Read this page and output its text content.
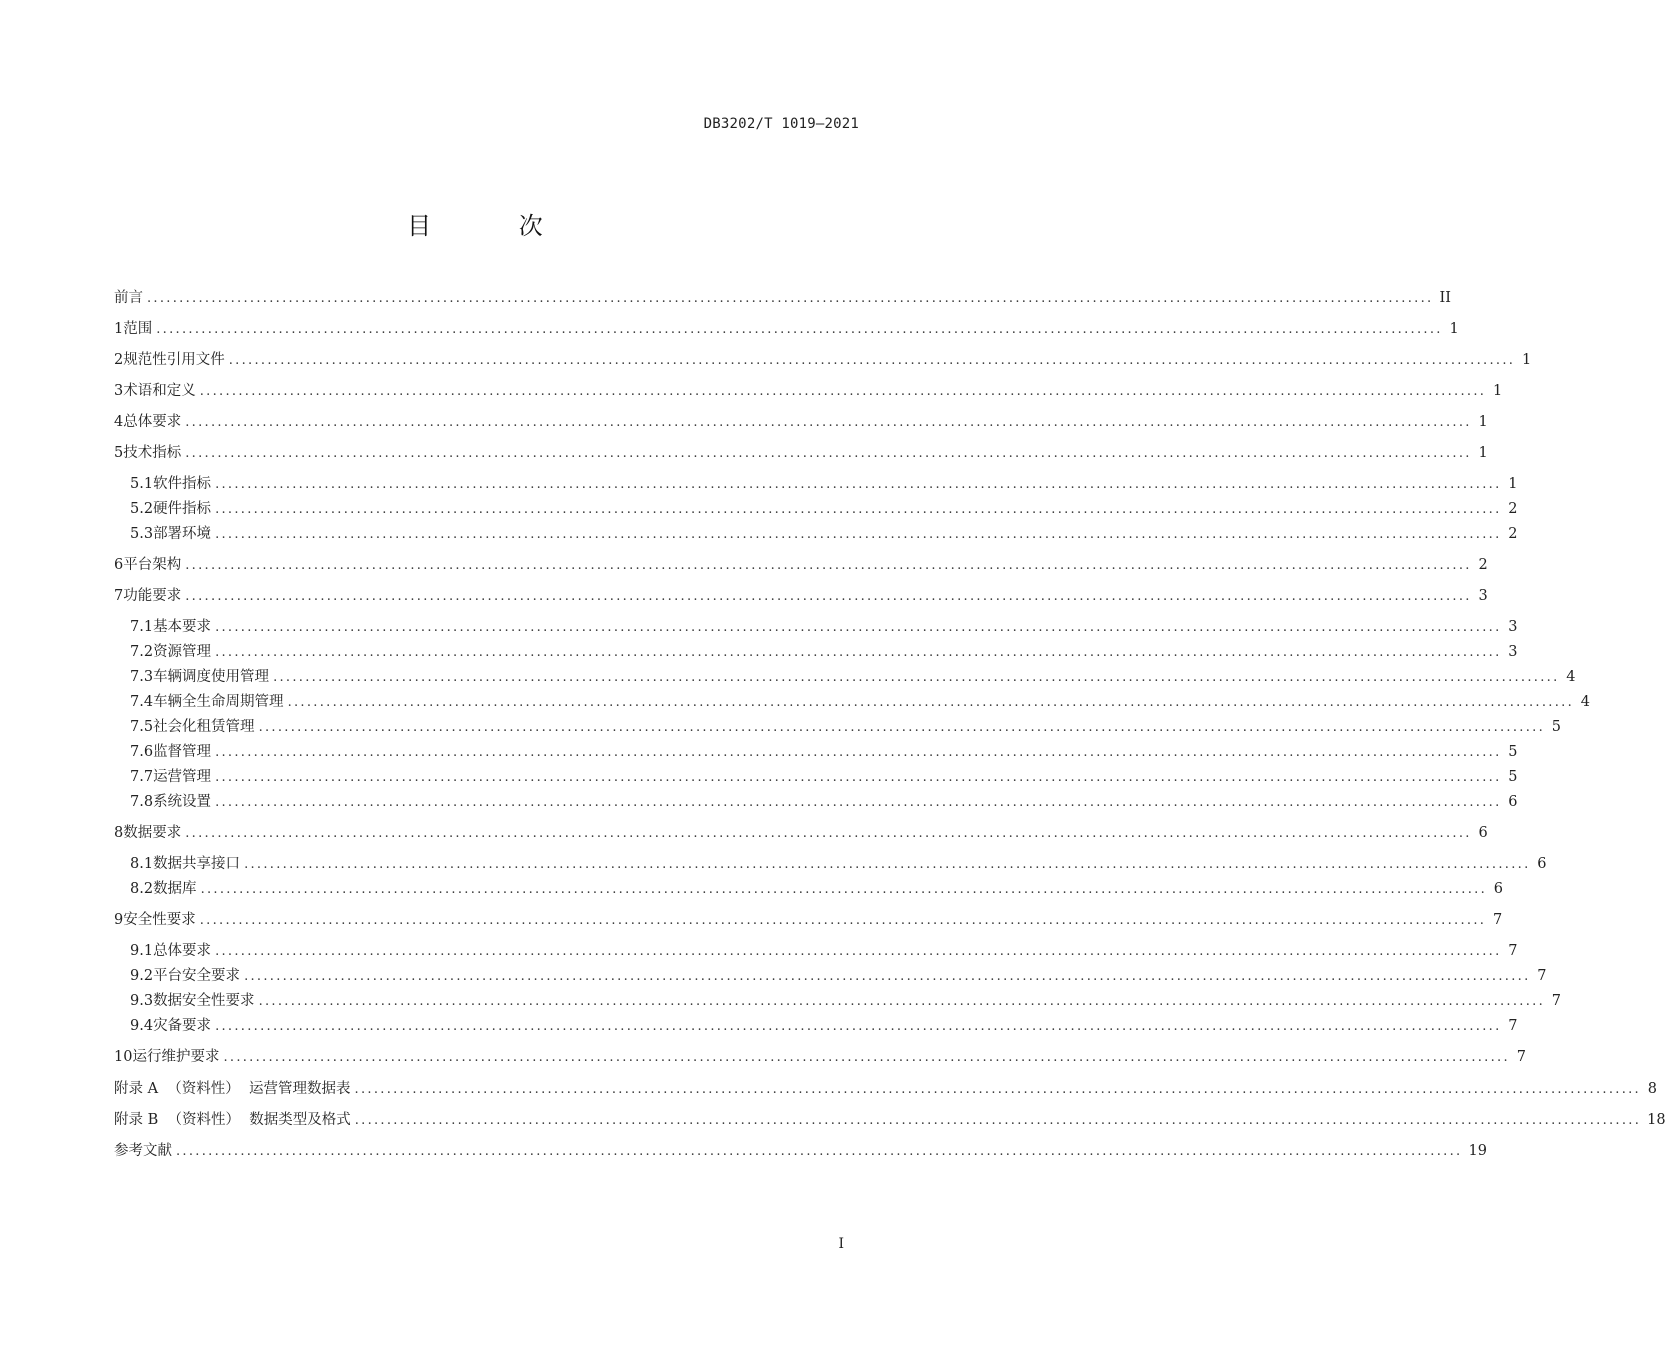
DB3202/T 1019—2021
目 次
前言 ........................................................................................................................................................................................................ II
1 范围 ........................................................................................................................................................................................................ 1
2 规范性引用文件 ........................................................................................................................................................................................................ 1
3 术语和定义 ........................................................................................................................................................................................................ 1
4 总体要求 ........................................................................................................................................................................................................ 1
5 技术指标 ........................................................................................................................................................................................................ 1
5.1 软件指标 ........................................................................................................................................................................................................ 1
5.2 硬件指标 ........................................................................................................................................................................................................ 2
5.3 部署环境 ........................................................................................................................................................................................................ 2
6 平台架构 ........................................................................................................................................................................................................ 2
7 功能要求 ........................................................................................................................................................................................................ 3
7.1 基本要求 ........................................................................................................................................................................................................ 3
7.2 资源管理 ........................................................................................................................................................................................................ 3
7.3 车辆调度使用管理 ........................................................................................................................................................................................................ 4
7.4 车辆全生命周期管理 ........................................................................................................................................................................................................ 4
7.5 社会化租赁管理 ........................................................................................................................................................................................................ 5
7.6 监督管理 ........................................................................................................................................................................................................ 5
7.7 运营管理 ........................................................................................................................................................................................................ 5
7.8 系统设置 ........................................................................................................................................................................................................ 6
8 数据要求 ........................................................................................................................................................................................................ 6
8.1 数据共享接口 ........................................................................................................................................................................................................ 6
8.2 数据库 ........................................................................................................................................................................................................ 6
9 安全性要求 ........................................................................................................................................................................................................ 7
9.1 总体要求 ........................................................................................................................................................................................................ 7
9.2 平台安全要求 ........................................................................................................................................................................................................ 7
9.3 数据安全性要求 ........................................................................................................................................................................................................ 7
9.4 灾备要求 ........................................................................................................................................................................................................ 7
10 运行维护要求 ........................................................................................................................................................................................................ 7
附录 A  （资料性）  运营管理数据表 ........................................................................................................................................................................................................ 8
附录 B  （资料性）  数据类型及格式 ........................................................................................................................................................................................................ 18
参考文献 ........................................................................................................................................................................................................ 19
I
